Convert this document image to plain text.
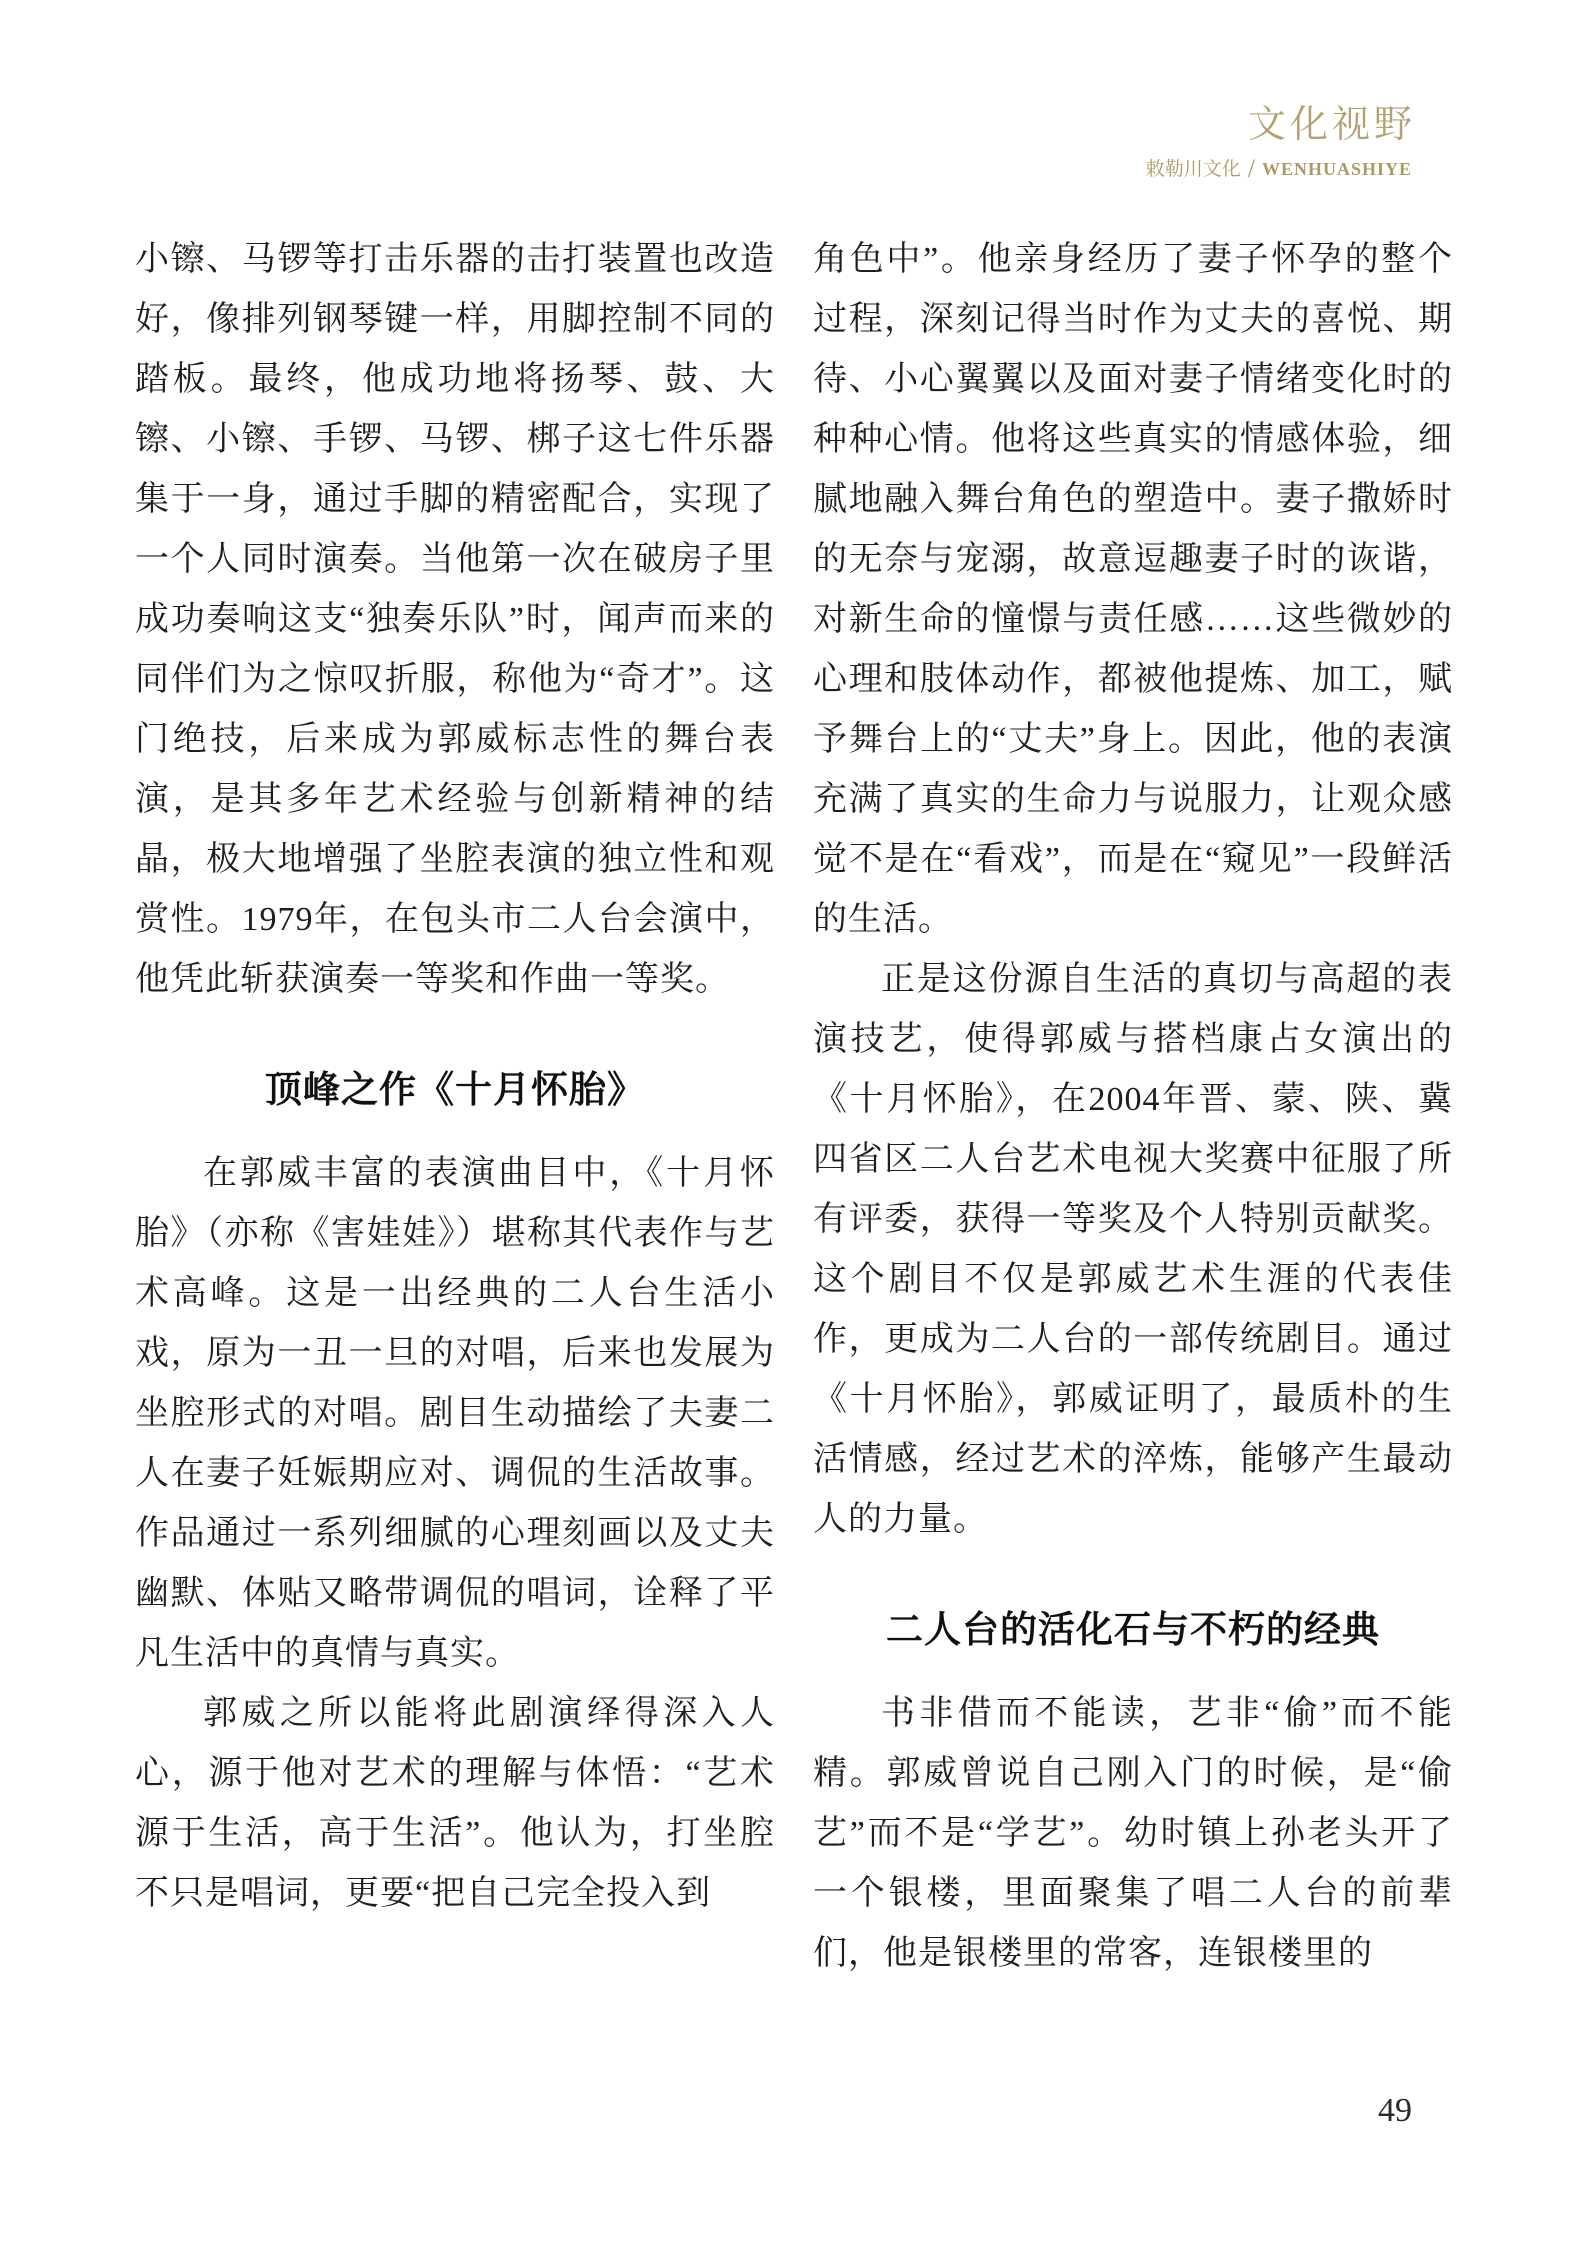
文化视野
敕勒川文化 / WENHUASHIYE

小镲、马锣等打击乐器的击打装置也改造好，像排列钢琴键一样，用脚控制不同的踏板。最终，他成功地将扬琴、鼓、大镲、小镲、手锣、马锣、梆子这七件乐器集于一身，通过手脚的精密配合，实现了一个人同时演奏。当他第一次在破房子里成功奏响这支“独奏乐队”时，闻声而来的同伴们为之惊叹折服，称他为“奇才”。这门绝技，后来成为郭威标志性的舞台表演，是其多年艺术经验与创新精神的结晶，极大地增强了坐腔表演的独立性和观赏性。1979年，在包头市二人台会演中，他凭此斩获演奏一等奖和作曲一等奖。

顶峰之作《十月怀胎》

在郭威丰富的表演曲目中，《十月怀胎》（亦称《害娃娃》）堪称其代表作与艺术高峰。这是一出经典的二人台生活小戏，原为一丑一旦的对唱，后来也发展为坐腔形式的对唱。剧目生动描绘了夫妻二人在妻子妊娠期应对、调侃的生活故事。作品通过一系列细腻的心理刻画以及丈夫幽默、体贴又略带调侃的唱词，诠释了平凡生活中的真情与真实。

郭威之所以能将此剧演绎得深入人心，源于他对艺术的理解与体悟：“艺术源于生活，高于生活”。他认为，打坐腔不只是唱词，更要“把自己完全投入到

角色中”。他亲身经历了妻子怀孕的整个过程，深刻记得当时作为丈夫的喜悦、期待、小心翼翼以及面对妻子情绪变化时的种种心情。他将这些真实的情感体验，细腻地融入舞台角色的塑造中。妻子撒娇时的无奈与宠溺，故意逗趣妻子时的诙谐，对新生命的憧憬与责任感……这些微妙的心理和肢体动作，都被他提炼、加工，赋予舞台上的“丈夫”身上。因此，他的表演充满了真实的生命力与说服力，让观众感觉不是在“看戏”，而是在“窥见”一段鲜活的生活。

正是这份源自生活的真切与高超的表演技艺，使得郭威与搭档康占女演出的《十月怀胎》，在2004年晋、蒙、陕、冀四省区二人台艺术电视大奖赛中征服了所有评委，获得一等奖及个人特别贡献奖。这个剧目不仅是郭威艺术生涯的代表佳作，更成为二人台的一部传统剧目。通过《十月怀胎》，郭威证明了，最质朴的生活情感，经过艺术的淬炼，能够产生最动人的力量。

二人台的活化石与不朽的经典

书非借而不能读，艺非“偷”而不能精。郭威曾说自己刚入门的时候，是“偷艺”而不是“学艺”。幼时镇上孙老头开了一个银楼，里面聚集了唱二人台的前辈们，他是银楼里的常客，连银楼里的

49
